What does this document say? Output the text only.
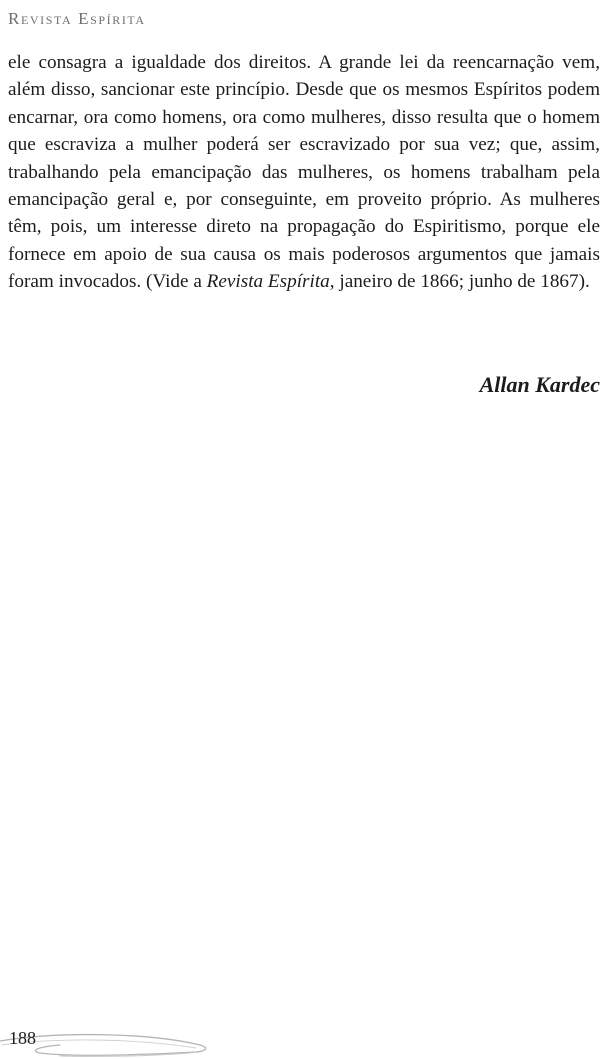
Revista Espírita

ele consagra a igualdade dos direitos. A grande lei da reencarnação vem, além disso, sancionar este princípio. Desde que os mesmos Espíritos podem encarnar, ora como homens, ora como mulheres, disso resulta que o homem que escraviza a mulher poderá ser escravizado por sua vez; que, assim, trabalhando pela emancipação das mulheres, os homens trabalham pela emancipação geral e, por conseguinte, em proveito próprio. As mulheres têm, pois, um interesse direto na propagação do Espiritismo, porque ele fornece em apoio de sua causa os mais poderosos argumentos que jamais foram invocados. (Vide a Revista Espírita, janeiro de 1866; junho de 1867).

Allan Kardec

188
